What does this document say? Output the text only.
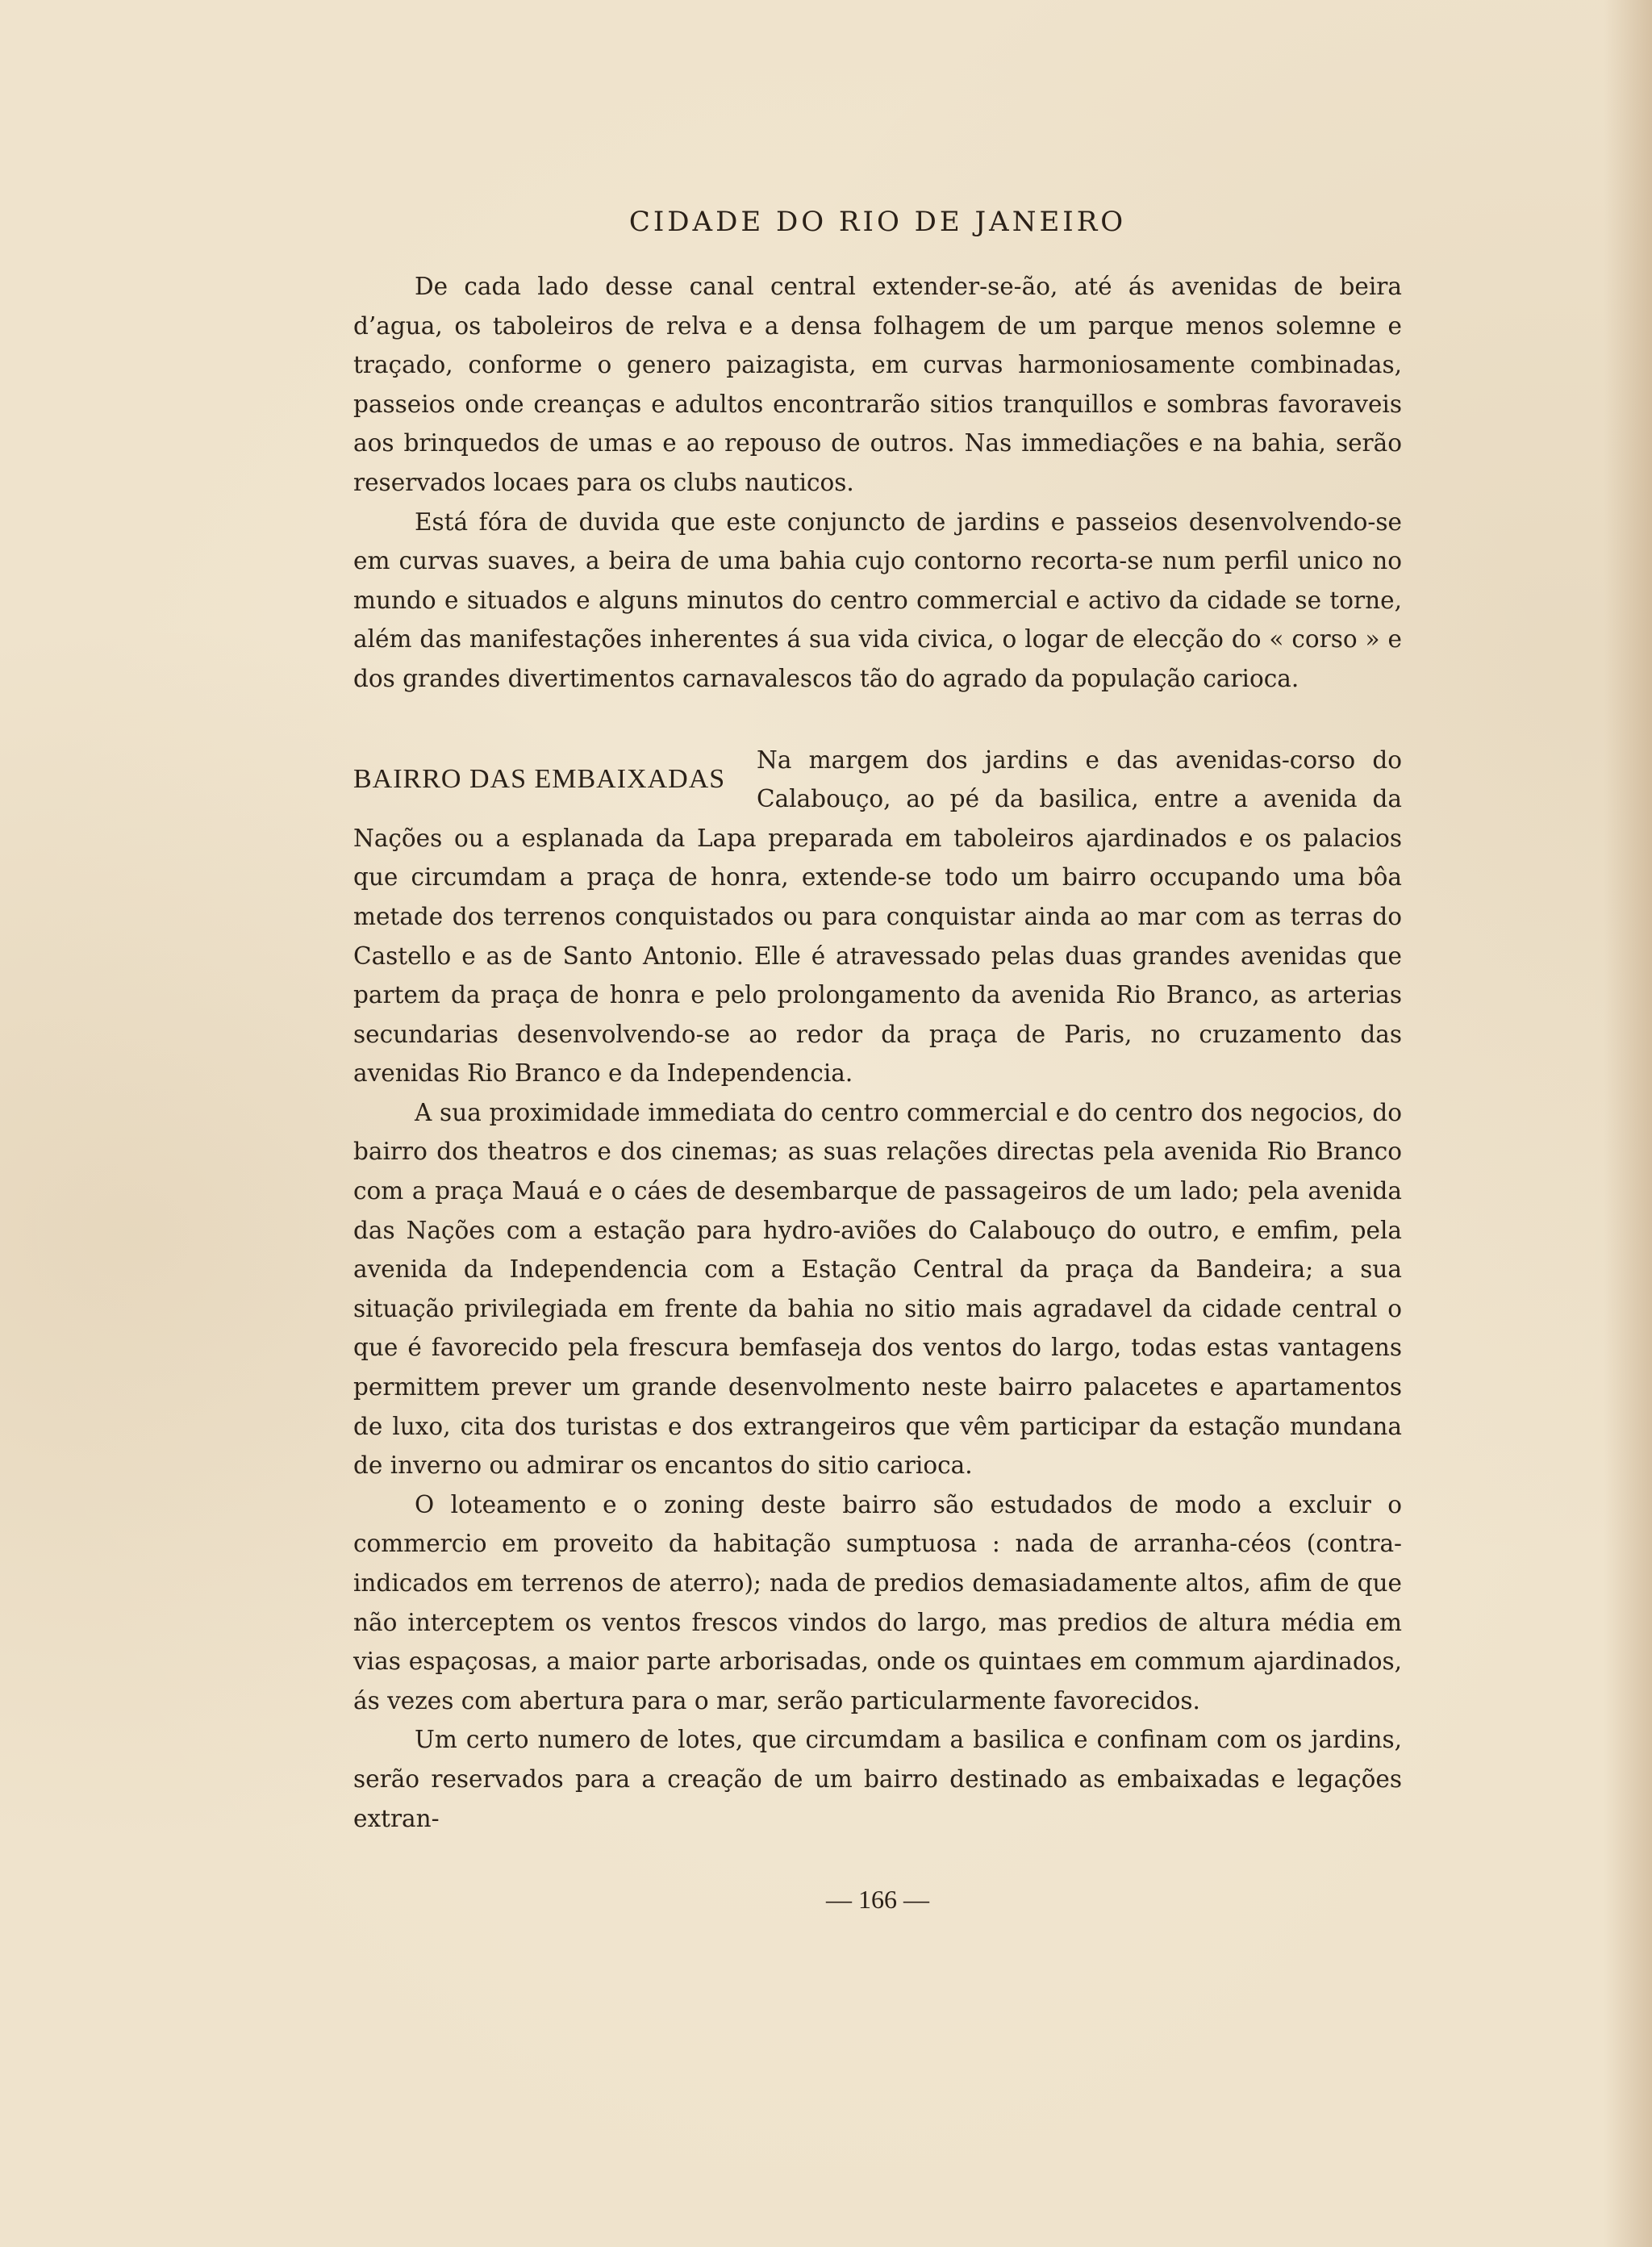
CIDADE DO RIO DE JANEIRO

De cada lado desse canal central extender-se-ão, até ás avenidas de beira d’agua, os taboleiros de relva e a densa folhagem de um parque menos solemne e traçado, conforme o genero paizagista, em curvas harmoniosamente combinadas, passeios onde creanças e adultos encontrarão sitios tranquillos e sombras favoraveis aos brinquedos de umas e ao repouso de outros. Nas immediações e na bahia, serão reservados locaes para os clubs nauticos.

Está fóra de duvida que este conjuncto de jardins e passeios desenvolvendo-se em curvas suaves, a beira de uma bahia cujo contorno recorta-se num perfil unico no mundo e situados e alguns minutos do centro commercial e activo da cidade se torne, além das manifestações inherentes á sua vida civica, o logar de elecção do « corso » e dos grandes divertimentos carnavalescos tão do agrado da população carioca.

BAIRRO DAS EMBAIXADAS

Na margem dos jardins e das avenidas-corso do Calabouço, ao pé da basilica, entre a avenida da Nações ou a esplanada da Lapa preparada em taboleiros ajardinados e os palacios que circumdam a praça de honra, extende-se todo um bairro occupando uma bôa metade dos terrenos conquistados ou para conquistar ainda ao mar com as terras do Castello e as de Santo Antonio. Elle é atravessado pelas duas grandes avenidas que partem da praça de honra e pelo prolongamento da avenida Rio Branco, as arterias secundarias desenvolvendo-se ao redor da praça de Paris, no cruzamento das avenidas Rio Branco e da Independencia.

A sua proximidade immediata do centro commercial e do centro dos negocios, do bairro dos theatros e dos cinemas; as suas relações directas pela avenida Rio Branco com a praça Mauá e o cáes de desembarque de passageiros de um lado; pela avenida das Nações com a estação para hydro-aviões do Calabouço do outro, e emfim, pela avenida da Independencia com a Estação Central da praça da Bandeira; a sua situação privilegiada em frente da bahia no sitio mais agradavel da cidade central o que é favorecido pela frescura bemfaseja dos ventos do largo, todas estas vantagens permittem prever um grande desenvolmento neste bairro palacetes e apartamentos de luxo, cita dos turistas e dos extrangeiros que vêm participar da estação mundana de inverno ou admirar os encantos do sitio carioca.

O loteamento e o zoning deste bairro são estudados de modo a excluir o commercio em proveito da habitação sumptuosa : nada de arranha-céos (contra-indicados em terrenos de aterro); nada de predios demasiadamente altos, afim de que não interceptem os ventos frescos vindos do largo, mas predios de altura média em vias espaçosas, a maior parte arborisadas, onde os quintaes em commum ajardinados, ás vezes com abertura para o mar, serão particularmente favorecidos.

Um certo numero de lotes, que circumdam a basilica e confinam com os jardins, serão reservados para a creação de um bairro destinado as embaixadas e legações extran-

— 166 —
